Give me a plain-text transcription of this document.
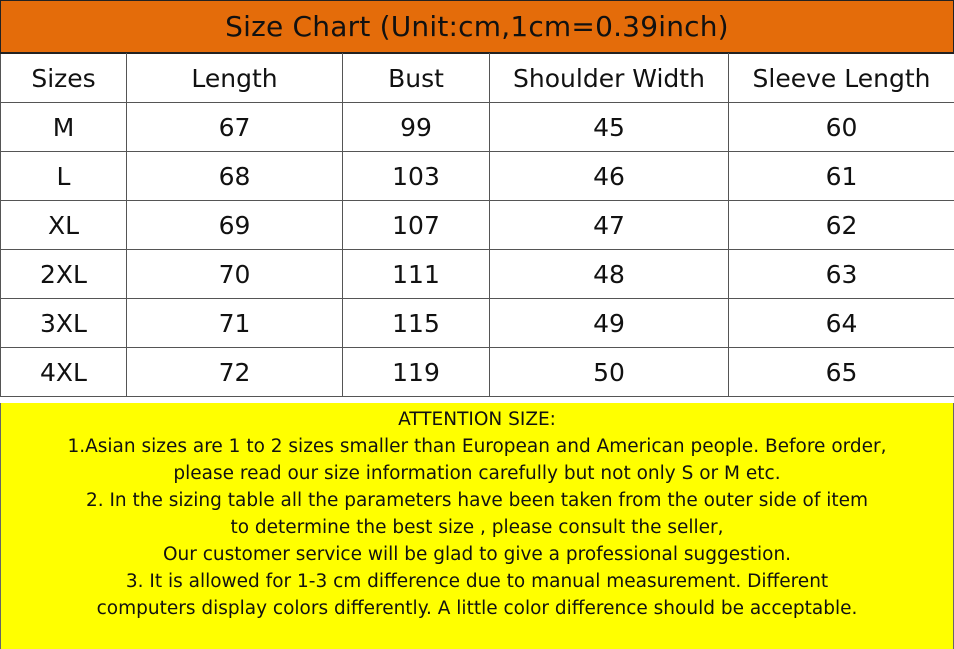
Size Chart (Unit:cm,1cm=0.39inch)
Sizes	Length	Bust	Shoulder Width	Sleeve Length
M	67	99	45	60
L	68	103	46	61
XL	69	107	47	62
2XL	70	111	48	63
3XL	71	115	49	64
4XL	72	119	50	65

ATTENTION SIZE:

1.Asian sizes are 1 to 2 sizes smaller than European and American people. Before order,

please read our size information carefully but not only S or M etc.

2. In the sizing table all the parameters have been taken from the outer side of item

to determine the best size , please consult the seller,

Our customer service will be glad to give a professional suggestion.

3. It is allowed for 1-3 cm difference due to manual measurement. Different

computers display colors differently. A little color difference should be acceptable.
